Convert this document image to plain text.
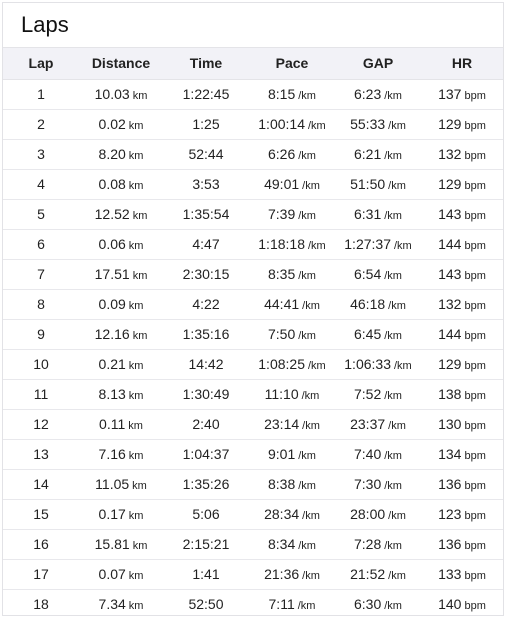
Laps
Lap	Distance	Time	Pace	GAP	HR
1	10.03 km	1:22:45	8:15 /km	6:23 /km	137 bpm
2	0.02 km	1:25	1:00:14 /km	55:33 /km	129 bpm
3	8.20 km	52:44	6:26 /km	6:21 /km	132 bpm
4	0.08 km	3:53	49:01 /km	51:50 /km	129 bpm
5	12.52 km	1:35:54	7:39 /km	6:31 /km	143 bpm
6	0.06 km	4:47	1:18:18 /km	1:27:37 /km	144 bpm
7	17.51 km	2:30:15	8:35 /km	6:54 /km	143 bpm
8	0.09 km	4:22	44:41 /km	46:18 /km	132 bpm
9	12.16 km	1:35:16	7:50 /km	6:45 /km	144 bpm
10	0.21 km	14:42	1:08:25 /km	1:06:33 /km	129 bpm
11	8.13 km	1:30:49	11:10 /km	7:52 /km	138 bpm
12	0.11 km	2:40	23:14 /km	23:37 /km	130 bpm
13	7.16 km	1:04:37	9:01 /km	7:40 /km	134 bpm
14	11.05 km	1:35:26	8:38 /km	7:30 /km	136 bpm
15	0.17 km	5:06	28:34 /km	28:00 /km	123 bpm
16	15.81 km	2:15:21	8:34 /km	7:28 /km	136 bpm
17	0.07 km	1:41	21:36 /km	21:52 /km	133 bpm
18	7.34 km	52:50	7:11 /km	6:30 /km	140 bpm
